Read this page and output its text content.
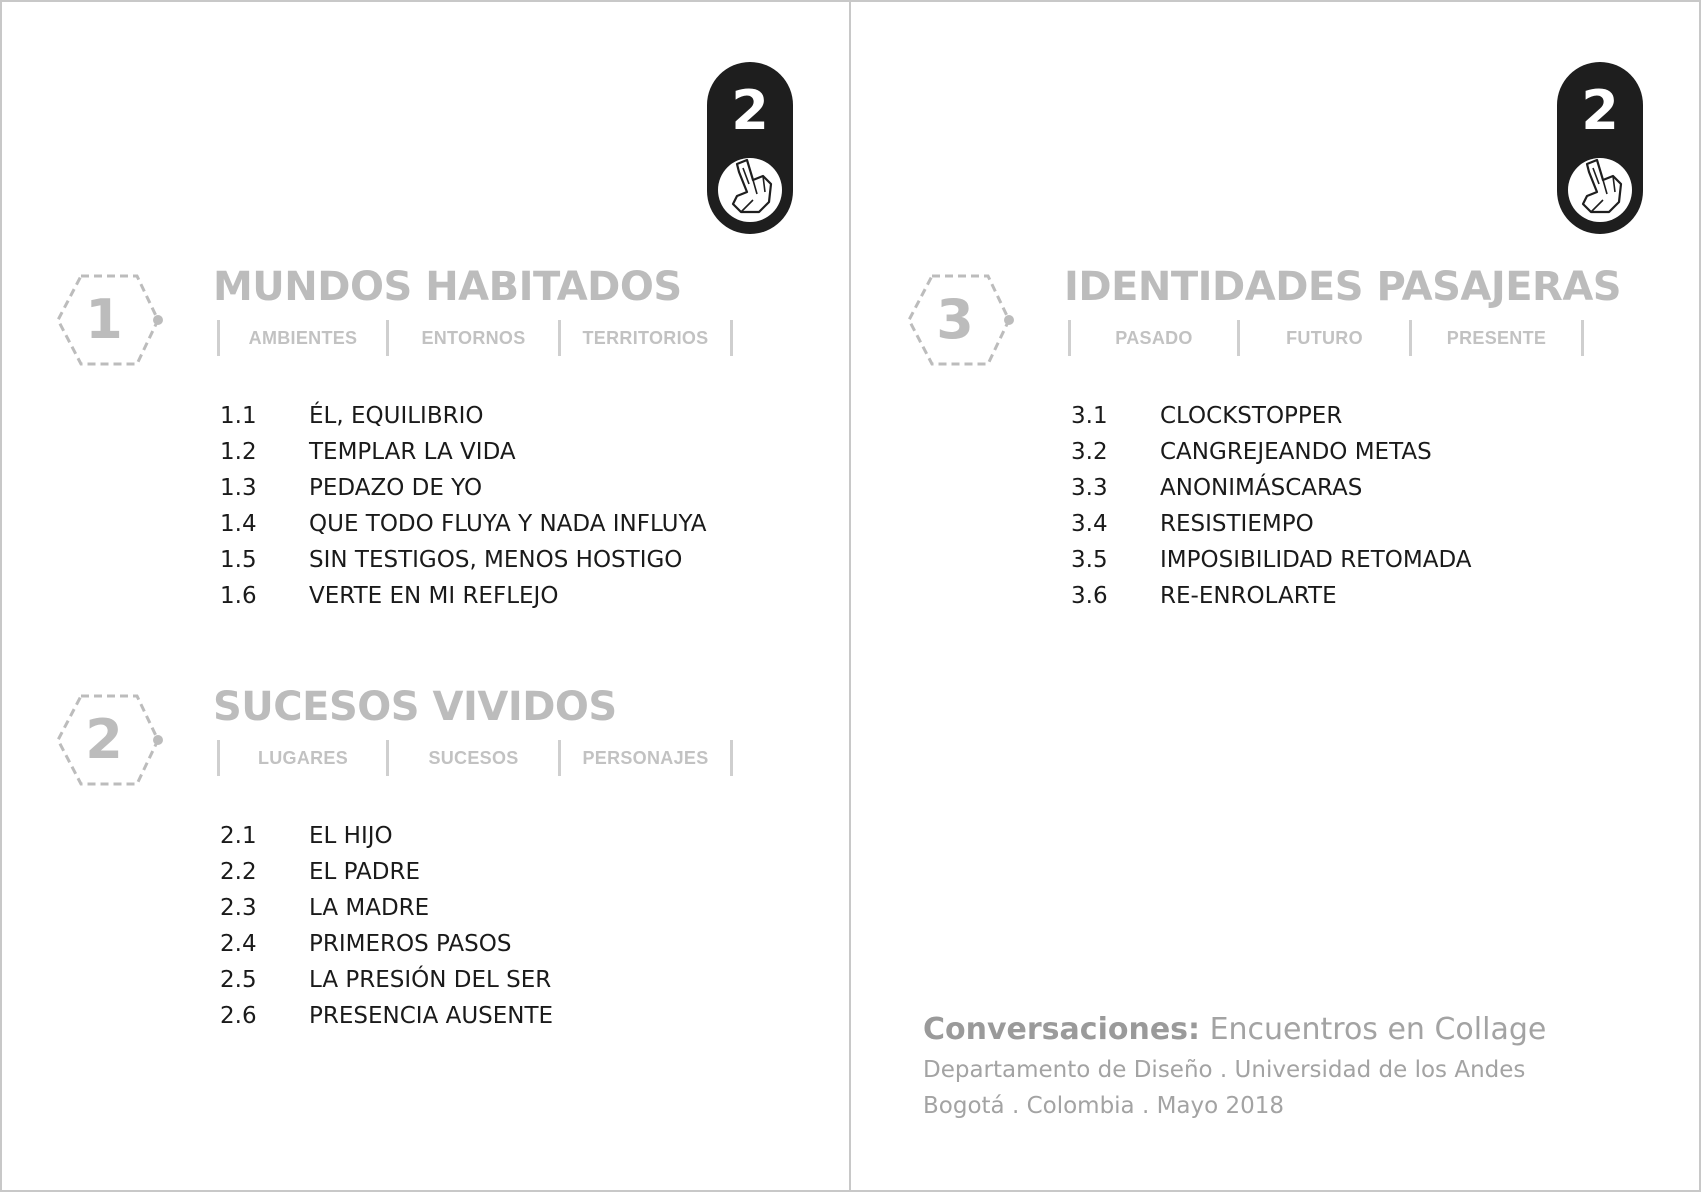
2
1
MUNDOS HABITADOS
AMBIENTES	ENTORNOS	TERRITORIOS
1.1 ÉL, EQUILIBRIO
1.2 TEMPLAR LA VIDA
1.3 PEDAZO DE YO
1.4 QUE TODO FLUYA Y NADA INFLUYA
1.5 SIN TESTIGOS, MENOS HOSTIGO
1.6 VERTE EN MI REFLEJO
2
SUCESOS VIVIDOS
LUGARES	SUCESOS	PERSONAJES
2.1 EL HIJO
2.2 EL PADRE
2.3 LA MADRE
2.4 PRIMEROS PASOS
2.5 LA PRESIÓN DEL SER
2.6 PRESENCIA AUSENTE
2
3
IDENTIDADES PASAJERAS
PASADO	FUTURO	PRESENTE
3.1 CLOCKSTOPPER
3.2 CANGREJEANDO METAS
3.3 ANONIMÁSCARAS
3.4 RESISTIEMPO
3.5 IMPOSIBILIDAD RETOMADA
3.6 RE-ENROLARTE
Conversaciones: Encuentros en Collage
Departamento de Diseño . Universidad de los Andes
Bogotá . Colombia . Mayo 2018
